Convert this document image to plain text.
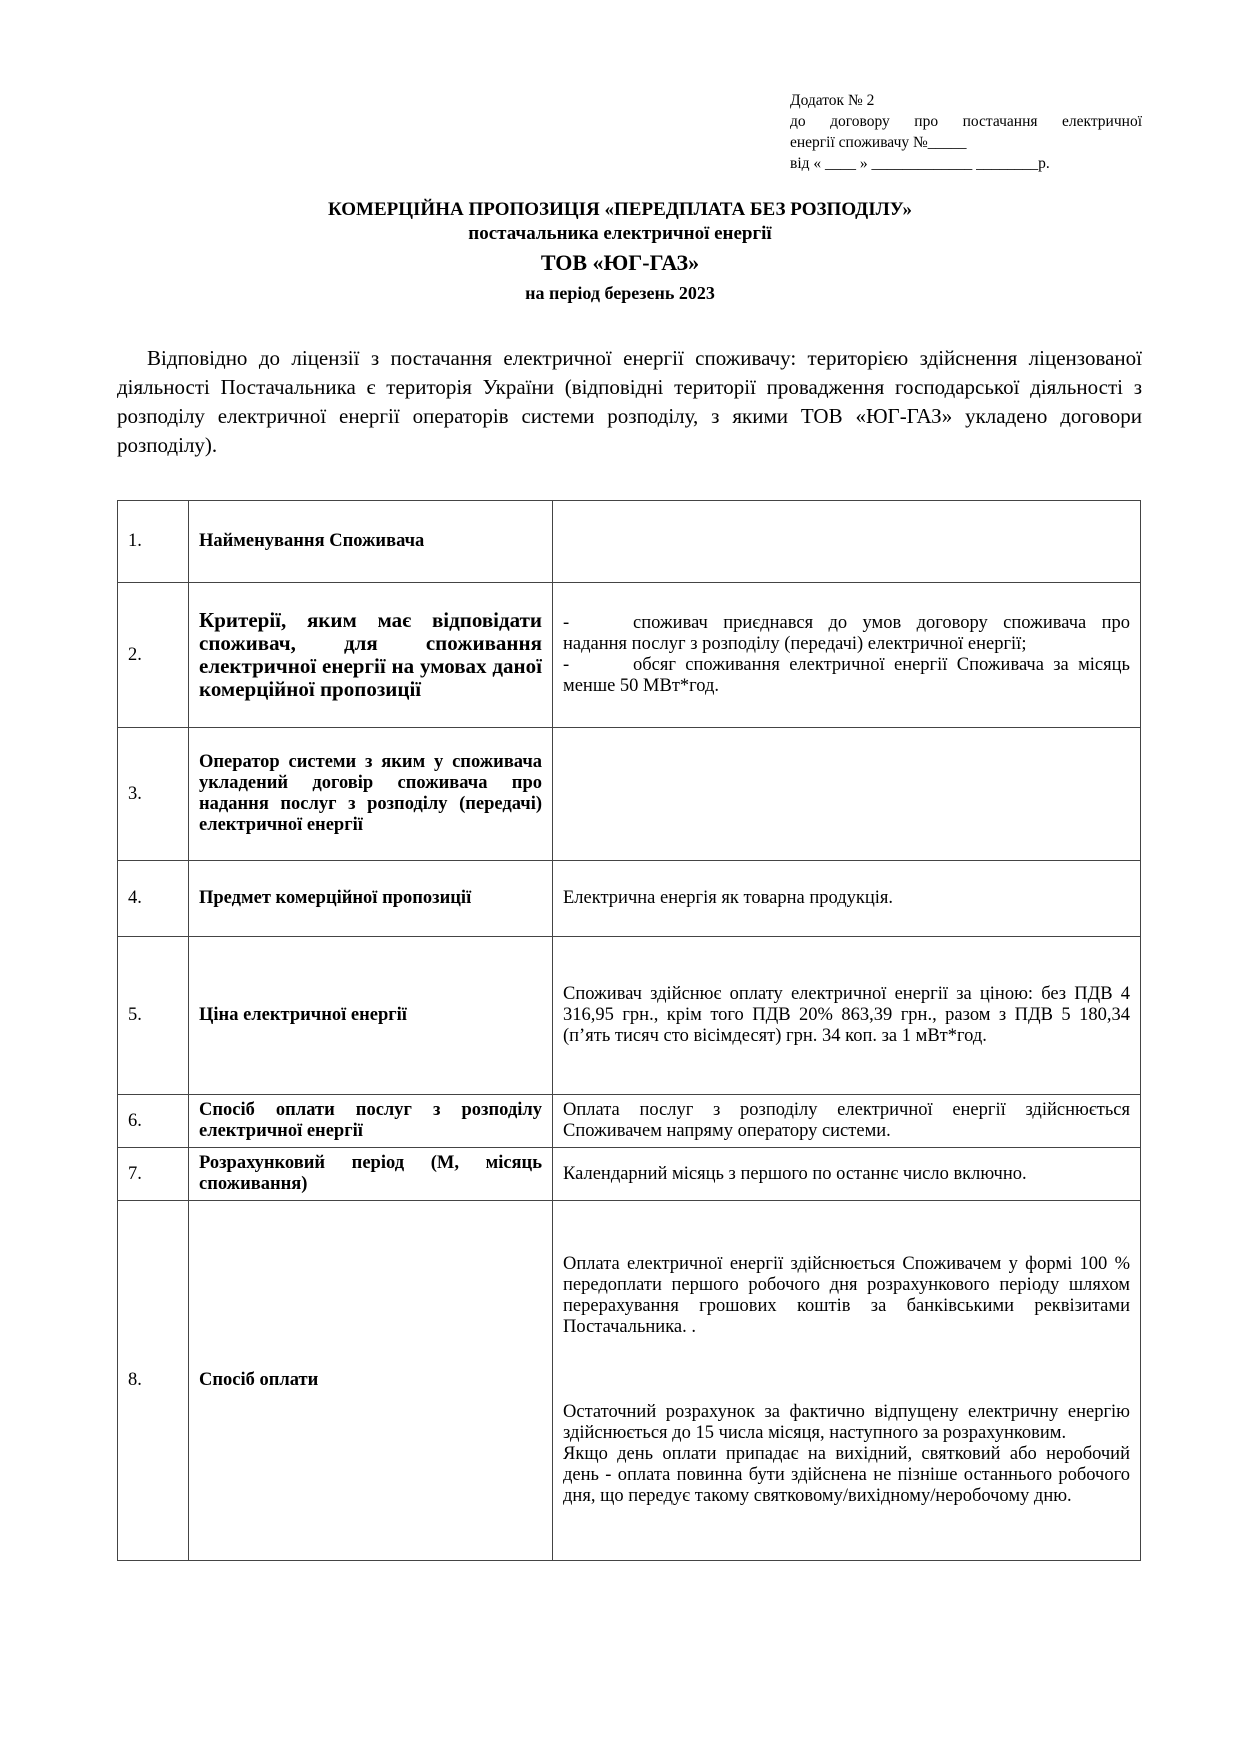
Додаток № 2
до договору про постачання електричної
енергії споживачу №_____
від « ____ » _____________ ________р.
КОМЕРЦІЙНА ПРОПОЗИЦІЯ «ПЕРЕДПЛАТА БЕЗ РОЗПОДІЛУ»
постачальника електричної енергії
ТОВ «ЮГ-ГАЗ»
на період березень 2023
Відповідно до ліцензії з постачання електричної енергії споживачу: територією здійснення ліцензованої діяльності Постачальника є територія України (відповідні території провадження господарської діяльності з розподілу електричної енергії операторів системи розподілу, з якими ТОВ «ЮГ-ГАЗ» укладено договори розподілу).
1.	Найменування Споживача	
2.	Критерії, яким має відповідати споживач, для споживання електричної енергії на умовах даної комерційної пропозиції	- споживач приєднався до умов договору споживача про надання послуг з розподілу (передачі) електричної енергії;
- обсяг споживання електричної енергії Споживача за місяць менше 50 МВт*год.

3.	Оператор системи з яким у споживача укладений договір споживача про надання послуг з розподілу (передачі) електричної енергії	
4.	Предмет комерційної пропозиції	Електрична енергія як товарна продукція.
5.	Ціна електричної енергії	Споживач здійснює оплату електричної енергії за ціною: без ПДВ 4 316,95 грн., крім того ПДВ 20% 863,39 грн., разом з ПДВ 5 180,34 (п’ять тисяч сто вісімдесят) грн. 34 коп. за 1 мВт*год.
6.	Спосіб оплати послуг з розподілу електричної енергії	Оплата послуг з розподілу електричної енергії здійснюється Споживачем напряму оператору системи.
7.	Розрахунковий період (М, місяць споживання)	Календарний місяць з першого по останнє число включно.
8.	Спосіб оплати	Оплата електричної енергії здійснюється Споживачем у формі 100 % передоплати першого робочого дня розрахункового періоду шляхом перерахування грошових коштів за банківськими реквізитами Постачальника. .
Остаточний розрахунок за фактично відпущену електричну енергію здійснюється до 15 числа місяця, наступного за розрахунковим.
Якщо день оплати припадає на вихідний, святковий або неробочий день - оплата повинна бути здійснена не пізніше останнього робочого дня, що передує такому святковому/вихідному/неробочому дню.
